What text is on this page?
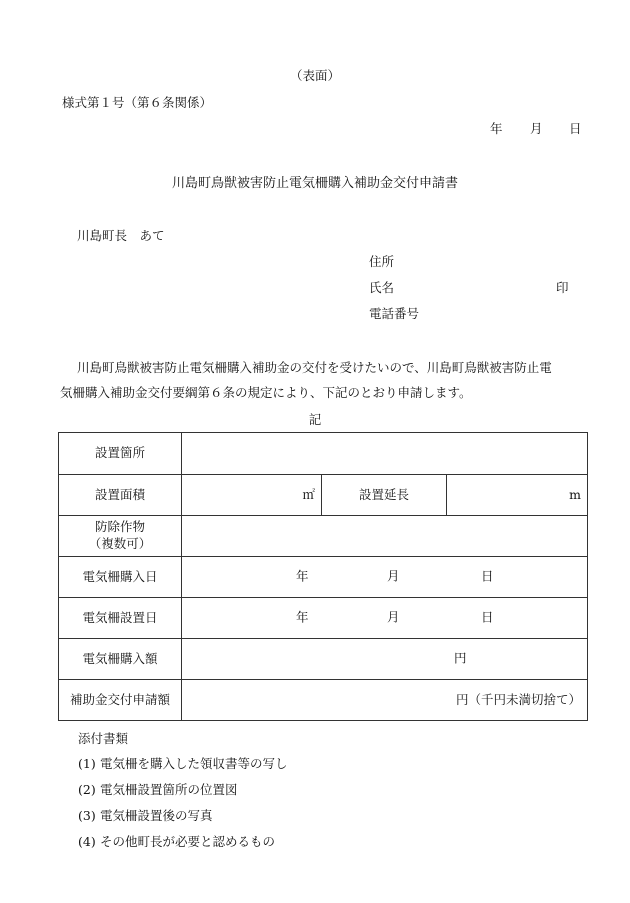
（表面）
様式第１号（第６条関係）
年 月 日
川島町鳥獣被害防止電気柵購入補助金交付申請書
川島町長　あて
住所
氏名	印
電話番号
川島町鳥獣被害防止電気柵購入補助金の交付を受けたいので、川島町鳥獣被害防止電
気柵購入補助金交付要綱第６条の規定により、下記のとおり申請します。
記
設置箇所			
設置面積	㎡	設置延長	m

防除作物
（複数可）			

電気柵購入日	年 月 日		

電気柵設置日	年 月 日		

電気柵購入額	円		

補助金交付申請額	円（千円未満切捨て）		
添付書類
(1) 電気柵を購入した領収書等の写し
(2) 電気柵設置箇所の位置図
(3) 電気柵設置後の写真
(4) その他町長が必要と認めるもの
